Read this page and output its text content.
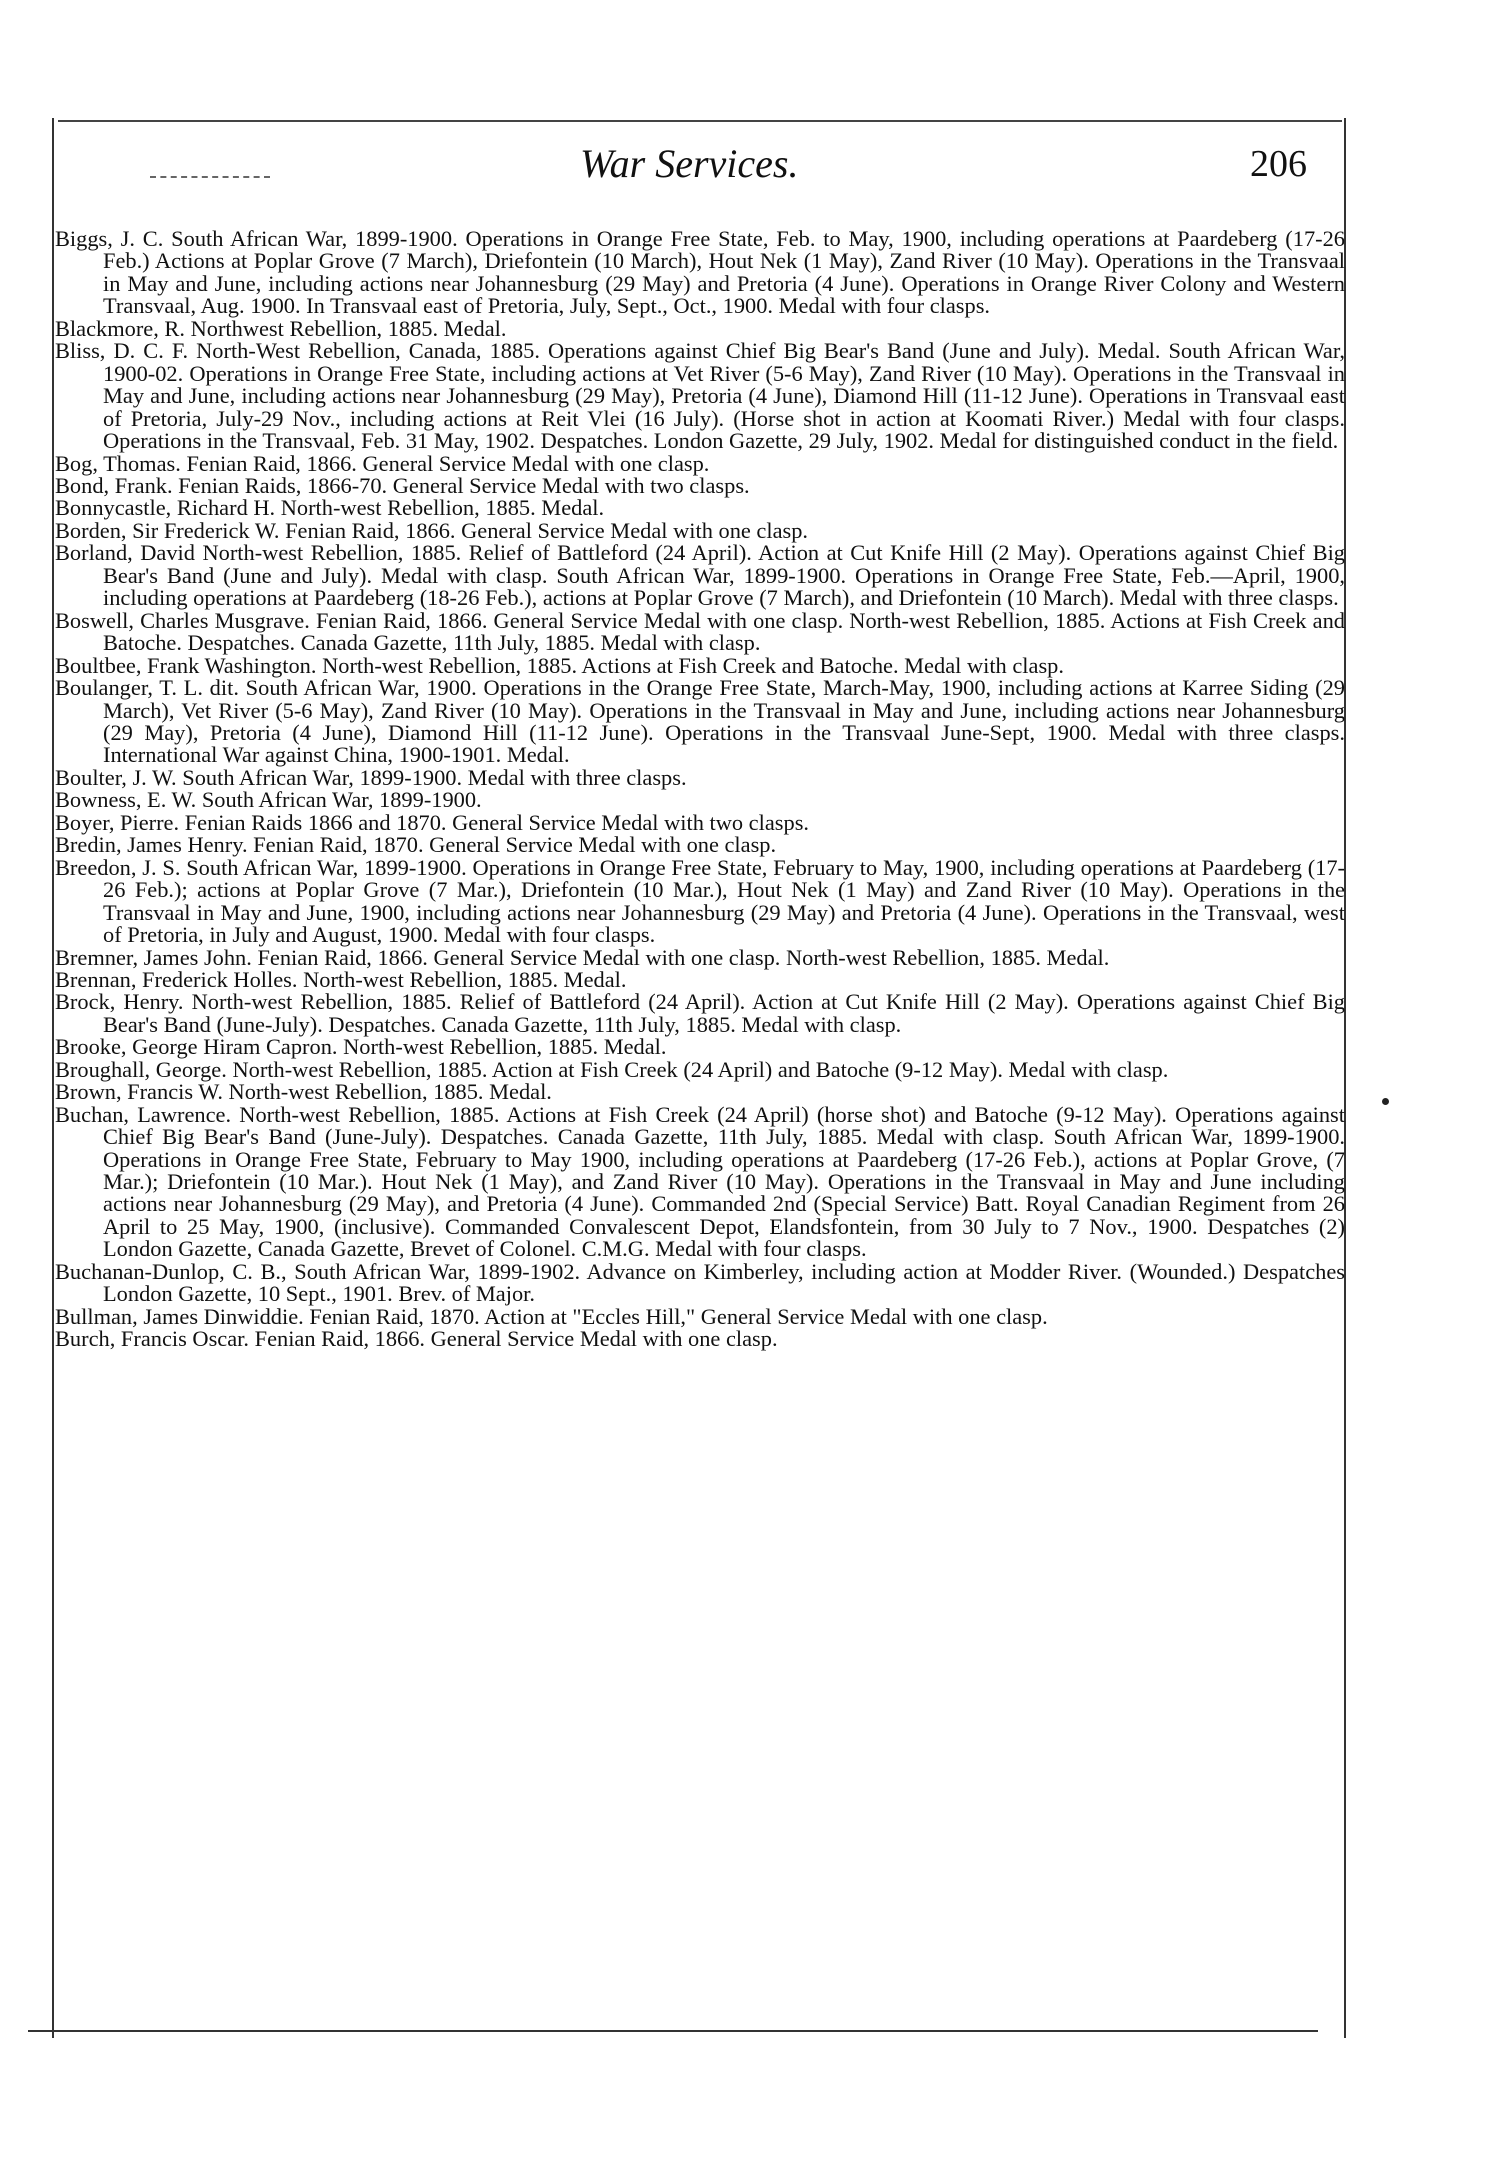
War Services.	206

Biggs, J. C. South African War, 1899-1900. Operations in Orange Free State, Feb. to May, 1900, including operations at Paardeberg (17-26 Feb.) Actions at Poplar Grove (7 March), Driefontein (10 March), Hout Nek (1 May), Zand River (10 May). Operations in the Transvaal in May and June, including actions near Johannesburg (29 May) and Pretoria (4 June). Operations in Orange River Colony and Western Transvaal, Aug. 1900. In Transvaal east of Pretoria, July, Sept., Oct., 1900. Medal with four clasps.

Blackmore, R. Northwest Rebellion, 1885. Medal.

Bliss, D. C. F. North-West Rebellion, Canada, 1885. Operations against Chief Big Bear's Band (June and July). Medal. South African War, 1900-02. Operations in Orange Free State, including actions at Vet River (5-6 May), Zand River (10 May). Operations in the Transvaal in May and June, including actions near Johannesburg (29 May), Pretoria (4 June), Diamond Hill (11-12 June). Operations in Transvaal east of Pretoria, July-29 Nov., including actions at Reit Vlei (16 July). (Horse shot in action at Koomati River.) Medal with four clasps. Operations in the Transvaal, Feb. 31 May, 1902. Despatches. London Gazette, 29 July, 1902. Medal for distinguished conduct in the field.

Bog, Thomas. Fenian Raid, 1866. General Service Medal with one clasp.

Bond, Frank. Fenian Raids, 1866-70. General Service Medal with two clasps.

Bonnycastle, Richard H. North-west Rebellion, 1885. Medal.

Borden, Sir Frederick W. Fenian Raid, 1866. General Service Medal with one clasp.

Borland, David North-west Rebellion, 1885. Relief of Battleford (24 April). Action at Cut Knife Hill (2 May). Operations against Chief Big Bear's Band (June and July). Medal with clasp. South African War, 1899-1900. Operations in Orange Free State, Feb.—April, 1900, including operations at Paardeberg (18-26 Feb.), actions at Poplar Grove (7 March), and Driefontein (10 March). Medal with three clasps.

Boswell, Charles Musgrave. Fenian Raid, 1866. General Service Medal with one clasp. North-west Rebellion, 1885. Actions at Fish Creek and Batoche. Despatches. Canada Gazette, 11th July, 1885. Medal with clasp.

Boultbee, Frank Washington. North-west Rebellion, 1885. Actions at Fish Creek and Batoche. Medal with clasp.

Boulanger, T. L. dit. South African War, 1900. Operations in the Orange Free State, March-May, 1900, including actions at Karree Siding (29 March), Vet River (5-6 May), Zand River (10 May). Operations in the Transvaal in May and June, including actions near Johannesburg (29 May), Pretoria (4 June), Diamond Hill (11-12 June). Operations in the Transvaal June-Sept, 1900. Medal with three clasps. International War against China, 1900-1901. Medal.

Boulter, J. W. South African War, 1899-1900. Medal with three clasps.

Bowness, E. W. South African War, 1899-1900.

Boyer, Pierre. Fenian Raids 1866 and 1870. General Service Medal with two clasps.

Bredin, James Henry. Fenian Raid, 1870. General Service Medal with one clasp.

Breedon, J. S. South African War, 1899-1900. Operations in Orange Free State, February to May, 1900, including operations at Paardeberg (17-26 Feb.); actions at Poplar Grove (7 Mar.), Driefontein (10 Mar.), Hout Nek (1 May) and Zand River (10 May). Operations in the Transvaal in May and June, 1900, including actions near Johannesburg (29 May) and Pretoria (4 June). Operations in the Transvaal, west of Pretoria, in July and August, 1900. Medal with four clasps.

Bremner, James John. Fenian Raid, 1866. General Service Medal with one clasp. North-west Rebellion, 1885. Medal.

Brennan, Frederick Holles. North-west Rebellion, 1885. Medal.

Brock, Henry. North-west Rebellion, 1885. Relief of Battleford (24 April). Action at Cut Knife Hill (2 May). Operations against Chief Big Bear's Band (June-July). Despatches. Canada Gazette, 11th July, 1885. Medal with clasp.

Brooke, George Hiram Capron. North-west Rebellion, 1885. Medal.

Broughall, George. North-west Rebellion, 1885. Action at Fish Creek (24 April) and Batoche (9-12 May). Medal with clasp.

Brown, Francis W. North-west Rebellion, 1885. Medal.

Buchan, Lawrence. North-west Rebellion, 1885. Actions at Fish Creek (24 April) (horse shot) and Batoche (9-12 May). Operations against Chief Big Bear's Band (June-July). Despatches. Canada Gazette, 11th July, 1885. Medal with clasp. South African War, 1899-1900. Operations in Orange Free State, February to May 1900, including operations at Paardeberg (17-26 Feb.), actions at Poplar Grove, (7 Mar.); Driefontein (10 Mar.). Hout Nek (1 May), and Zand River (10 May). Operations in the Transvaal in May and June including actions near Johannesburg (29 May), and Pretoria (4 June). Commanded 2nd (Special Service) Batt. Royal Canadian Regiment from 26 April to 25 May, 1900, (inclusive). Commanded Convalescent Depot, Elandsfontein, from 30 July to 7 Nov., 1900. Despatches (2) London Gazette, Canada Gazette, Brevet of Colonel. C.M.G. Medal with four clasps.

Buchanan-Dunlop, C. B., South African War, 1899-1902. Advance on Kimberley, including action at Modder River. (Wounded.) Despatches London Gazette, 10 Sept., 1901. Brev. of Major.

Bullman, James Dinwiddie. Fenian Raid, 1870. Action at "Eccles Hill," General Service Medal with one clasp.

Burch, Francis Oscar. Fenian Raid, 1866. General Service Medal with one clasp.
